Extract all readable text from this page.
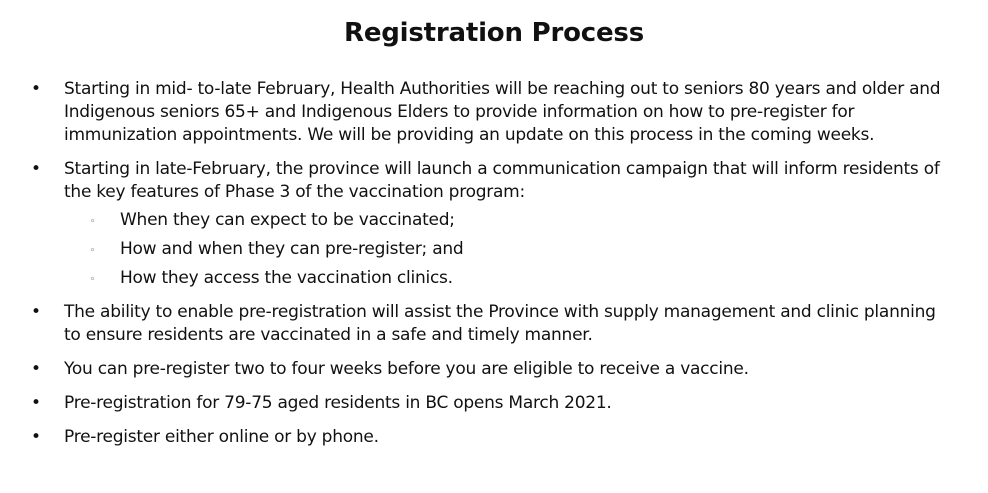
Registration Process
• Starting in mid- to-late February, Health Authorities will be reaching out to seniors 80 years and older and Indigenous seniors 65+ and Indigenous Elders to provide information on how to pre-register for immunization appointments. We will be providing an update on this process in the coming weeks.
• Starting in late-February, the province will launch a communication campaign that will inform residents of the key features of Phase 3 of the vaccination program:
◦ When they can expect to be vaccinated;
◦ How and when they can pre-register; and
◦ How they access the vaccination clinics.
• The ability to enable pre-registration will assist the Province with supply management and clinic planning to ensure residents are vaccinated in a safe and timely manner.
• You can pre-register two to four weeks before you are eligible to receive a vaccine.
• Pre-registration for 79-75 aged residents in BC opens March 2021.
• Pre-register either online or by phone.
